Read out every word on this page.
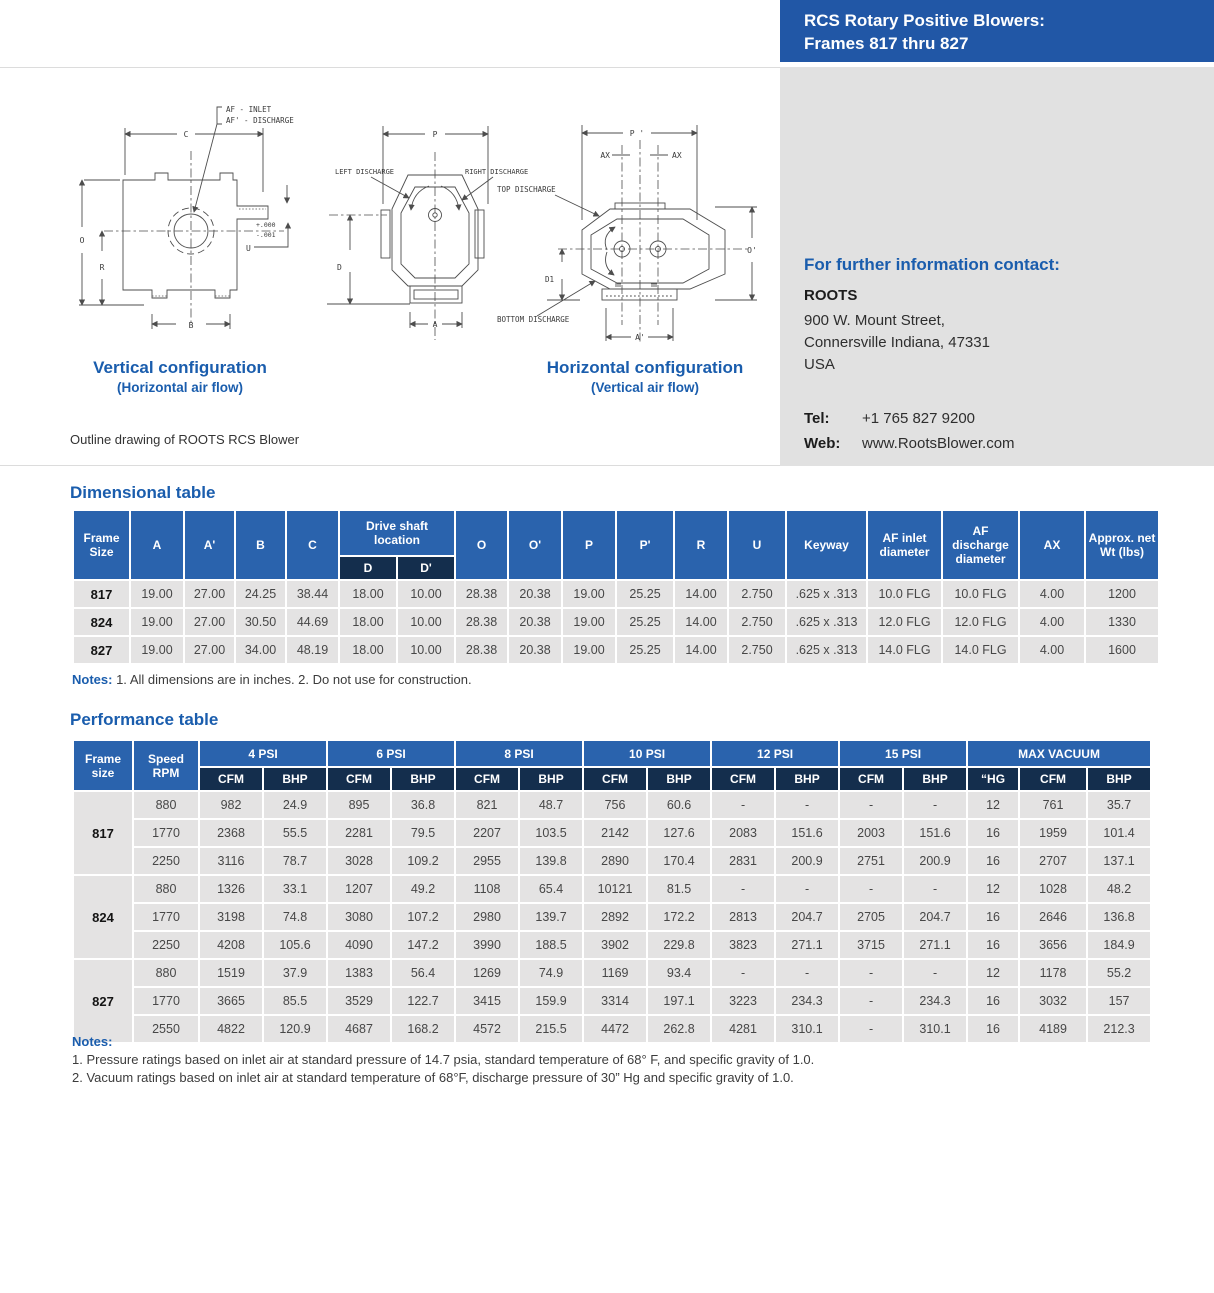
RCS Rotary Positive Blowers:
Frames 817 thru 827
For further information contact:
ROOTS
900 W. Mount Street,
Connersville Indiana, 47331
USA
Tel: +1 765 827 9200
Web: www.RootsBlower.com
AF - INLET
AF' - DISCHARGE
C
O
R
B
+.000
-.001
U
P
LEFT DISCHARGE	RIGHT DISCHARGE
D
A
P '
AX	AX
O'
D1
A'
TOP DISCHARGE
BOTTOM DISCHARGE
Vertical configuration
(Horizontal air flow)
Horizontal configuration
(Vertical air flow)
Outline drawing of ROOTS RCS Blower
Dimensional table
Frame Size	A	A'	B	C	Drive shaft location		O	O'	P	P'	R	U	Keyway	AF inlet diameter	AF discharge diameter	AX	Approx. net Wt (lbs)
					D	D'											
817	19.00	27.00	24.25	38.44	18.00	10.00	28.38	20.38	19.00	25.25	14.00	2.750	.625 x .313	10.0 FLG	10.0 FLG	4.00	1200
824	19.00	27.00	30.50	44.69	18.00	10.00	28.38	20.38	19.00	25.25	14.00	2.750	.625 x .313	12.0 FLG	12.0 FLG	4.00	1330
827	19.00	27.00	34.00	48.19	18.00	10.00	28.38	20.38	19.00	25.25	14.00	2.750	.625 x .313	14.0 FLG	14.0 FLG	4.00	1600
Notes: 1. All dimensions are in inches. 2. Do not use for construction.
Performance table
Frame size	Speed RPM	4 PSI		6 PSI		8 PSI		10 PSI		12 PSI		15 PSI		MAX VACUUM		
		CFM	BHP	CFM	BHP	CFM	BHP	CFM	BHP	CFM	BHP	CFM	BHP	“HG	CFM	BHP
817	880	982	24.9	895	36.8	821	48.7	756	60.6	-	-	-	-	12	761	35.7
	1770	2368	55.5	2281	79.5	2207	103.5	2142	127.6	2083	151.6	2003	151.6	16	1959	101.4
	2250	3116	78.7	3028	109.2	2955	139.8	2890	170.4	2831	200.9	2751	200.9	16	2707	137.1
824	880	1326	33.1	1207	49.2	1108	65.4	10121	81.5	-	-	-	-	12	1028	48.2
	1770	3198	74.8	3080	107.2	2980	139.7	2892	172.2	2813	204.7	2705	204.7	16	2646	136.8
	2250	4208	105.6	4090	147.2	3990	188.5	3902	229.8	3823	271.1	3715	271.1	16	3656	184.9
827	880	1519	37.9	1383	56.4	1269	74.9	1169	93.4	-	-	-	-	12	1178	55.2
	1770	3665	85.5	3529	122.7	3415	159.9	3314	197.1	3223	234.3	-	234.3	16	3032	157
	2550	4822	120.9	4687	168.2	4572	215.5	4472	262.8	4281	310.1	-	310.1	16	4189	212.3
Notes:
1. Pressure ratings based on inlet air at standard pressure of 14.7 psia, standard temperature of 68° F, and specific gravity of 1.0.
2. Vacuum ratings based on inlet air at standard temperature of 68°F, discharge pressure of 30” Hg and specific gravity of 1.0.
